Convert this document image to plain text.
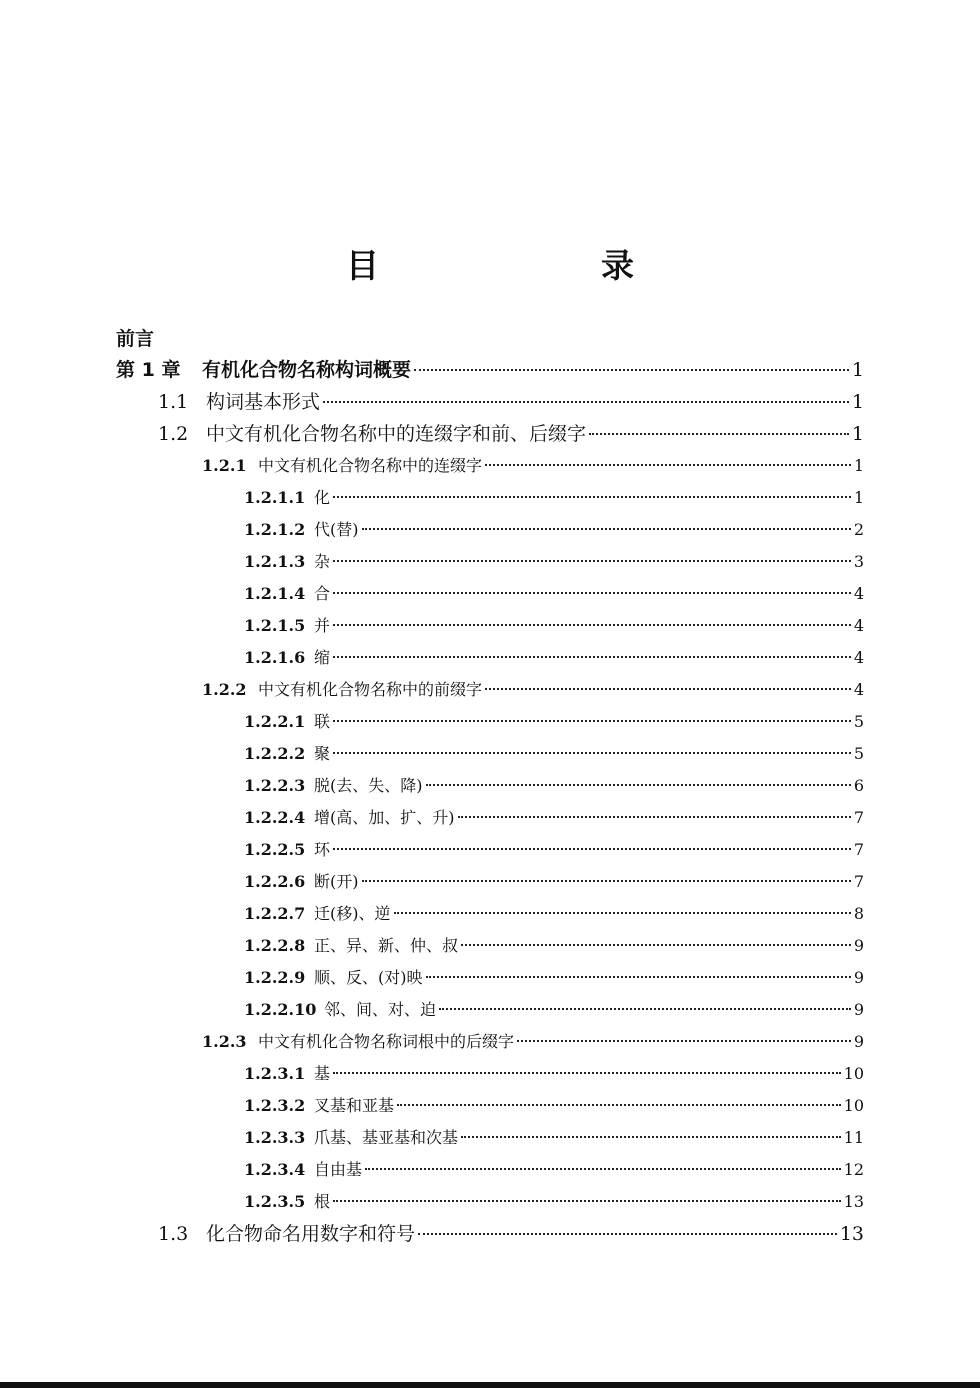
目　　录
前言
第 1 章	有机化合物名称构词概要	1
1.1 构词基本形式	1
1.2 中文有机化合物名称中的连缀字和前、后缀字	1
1.2.1 中文有机化合物名称中的连缀字	1
1.2.1.1 化	1
1.2.1.2 代(替)	2
1.2.1.3 杂	3
1.2.1.4 合	4
1.2.1.5 并	4
1.2.1.6 缩	4
1.2.2 中文有机化合物名称中的前缀字	4
1.2.2.1 联	5
1.2.2.2 聚	5
1.2.2.3 脱(去、失、降)	6
1.2.2.4 增(高、加、扩、升)	7
1.2.2.5 环	7
1.2.2.6 断(开)	7
1.2.2.7 迁(移)、逆	8
1.2.2.8 正、异、新、仲、叔	9
1.2.2.9 顺、反、(对)映	9
1.2.2.10 邻、间、对、迫	9
1.2.3 中文有机化合物名称词根中的后缀字	9
1.2.3.1 基	10
1.2.3.2 叉基和亚基	10
1.2.3.3 爪基、基亚基和次基	11
1.2.3.4 自由基	12
1.2.3.5 根	13
1.3 化合物命名用数字和符号	13
